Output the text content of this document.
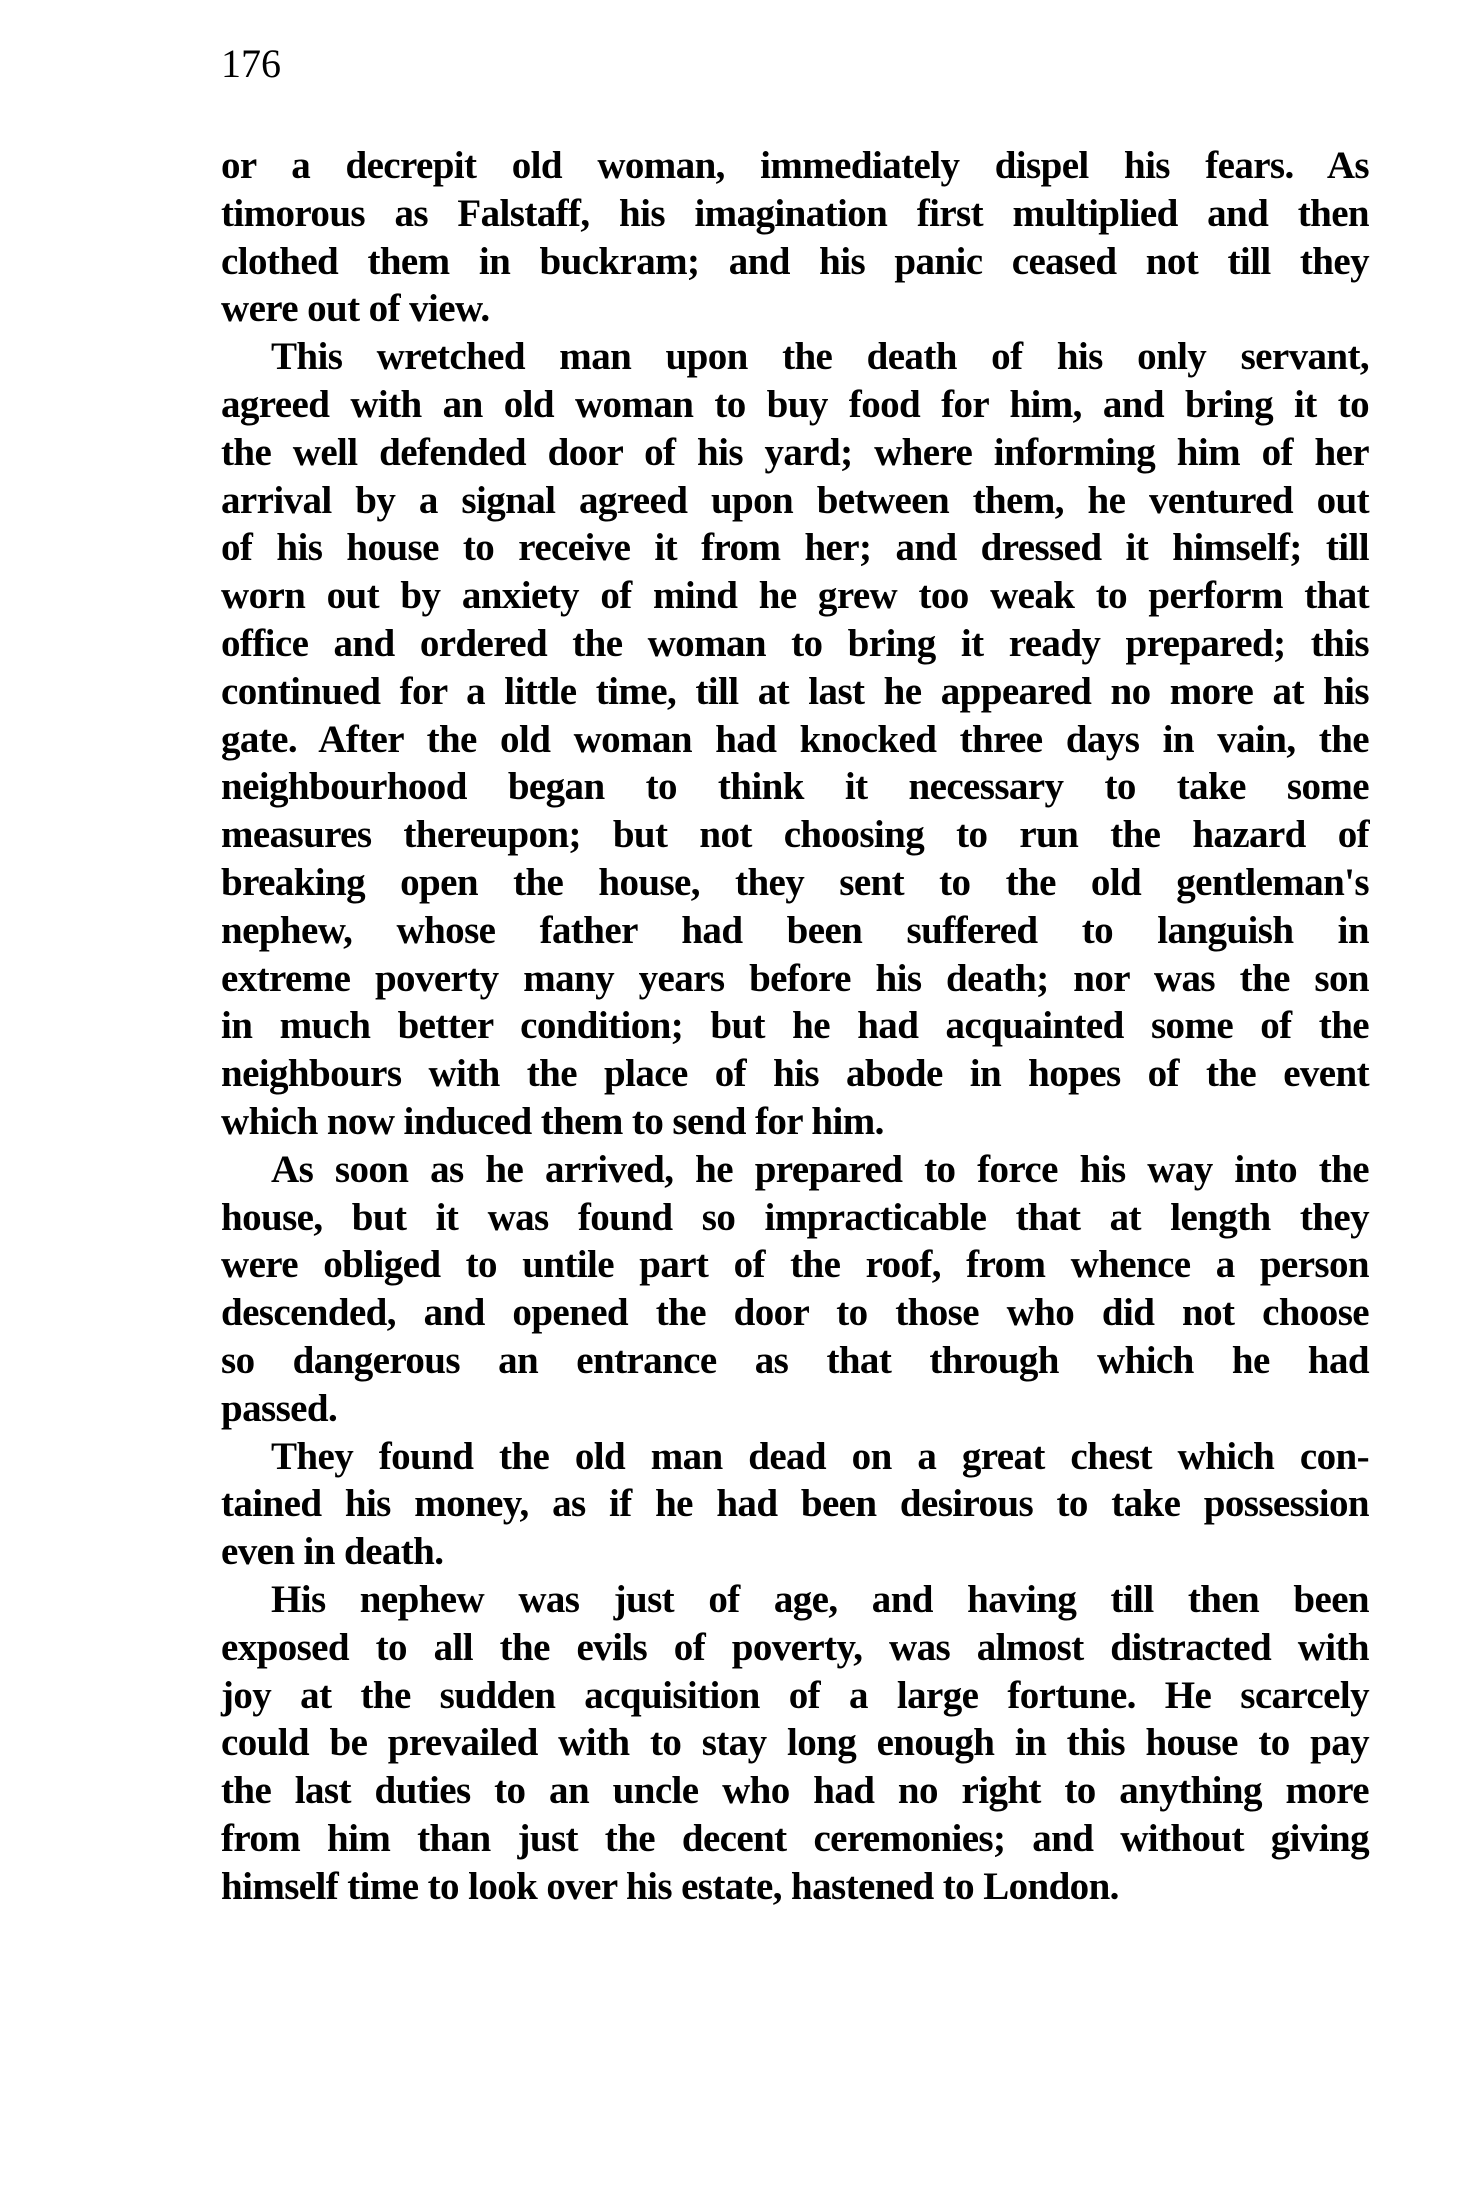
176
or a decrepit old woman, immediately dispel his fears. As
timorous as Falstaff, his imagination first multiplied and then
clothed them in buckram; and his panic ceased not till they
were out of view.
This wretched man upon the death of his only servant,
agreed with an old woman to buy food for him, and bring it to
the well defended door of his yard; where informing him of her
arrival by a signal agreed upon between them, he ventured out
of his house to receive it from her; and dressed it himself; till
worn out by anxiety of mind he grew too weak to perform that
office and ordered the woman to bring it ready prepared; this
continued for a little time, till at last he appeared no more at his
gate. After the old woman had knocked three days in vain, the
neighbourhood began to think it necessary to take some
measures thereupon; but not choosing to run the hazard of
breaking open the house, they sent to the old gentleman's
nephew, whose father had been suffered to languish in
extreme poverty many years before his death; nor was the son
in much better condition; but he had acquainted some of the
neighbours with the place of his abode in hopes of the event
which now induced them to send for him.
As soon as he arrived, he prepared to force his way into the
house, but it was found so impracticable that at length they
were obliged to untile part of the roof, from whence a person
descended, and opened the door to those who did not choose
so dangerous an entrance as that through which he had
passed.
They found the old man dead on a great chest which con-
tained his money, as if he had been desirous to take possession
even in death.
His nephew was just of age, and having till then been
exposed to all the evils of poverty, was almost distracted with
joy at the sudden acquisition of a large fortune. He scarcely
could be prevailed with to stay long enough in this house to pay
the last duties to an uncle who had no right to anything more
from him than just the decent ceremonies; and without giving
himself time to look over his estate, hastened to London.
